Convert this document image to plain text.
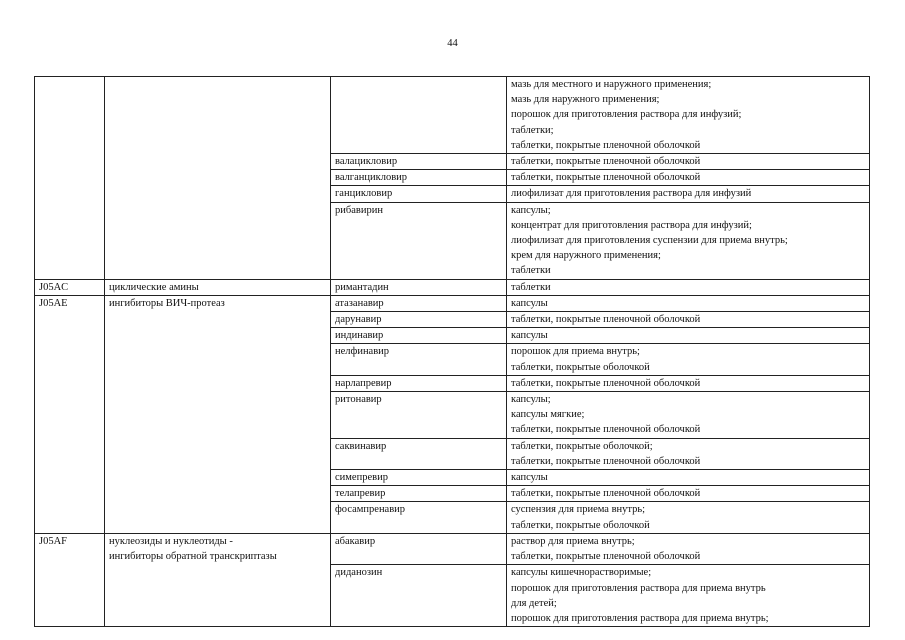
44

			мазь для местного и наружного применения;
мазь для наружного применения;
порошок для приготовления раствора для инфузий;
таблетки;
таблетки, покрытые пленочной оболочкой

		валацикловир	таблетки, покрытые пленочной оболочкой

		валганцикловир	таблетки, покрытые пленочной оболочкой

		ганцикловир	лиофилизат для приготовления раствора для инфузий

		рибавирин	капсулы;
концентрат для приготовления раствора для инфузий;
лиофилизат для приготовления суспензии для приема внутрь;
крем для наружного применения;
таблетки

J05AC	циклические амины	римантадин	таблетки

J05AE	ингибиторы ВИЧ-протеаз	атазанавир	капсулы

		дарунавир	таблетки, покрытые пленочной оболочкой

		индинавир	капсулы

		нелфинавир	порошок для приема внутрь;
таблетки, покрытые оболочкой

		нарлапревир	таблетки, покрытые пленочной оболочкой

		ритонавир	капсулы;
капсулы мягкие;
таблетки, покрытые пленочной оболочкой

		саквинавир	таблетки, покрытые оболочкой;
таблетки, покрытые пленочной оболочкой

		симепревир	капсулы

		телапревир	таблетки, покрытые пленочной оболочкой

		фосампренавир	суспензия для приема внутрь;
таблетки, покрытые оболочкой

J05AF	нуклеозиды и нуклеотиды -
ингибиторы обратной транскриптазы	абакавир	раствор для приема внутрь;
таблетки, покрытые пленочной оболочкой

		диданозин	капсулы кишечнорастворимые;
порошок для приготовления раствора для приема внутрь
для детей;
порошок для приготовления раствора для приема внутрь;
